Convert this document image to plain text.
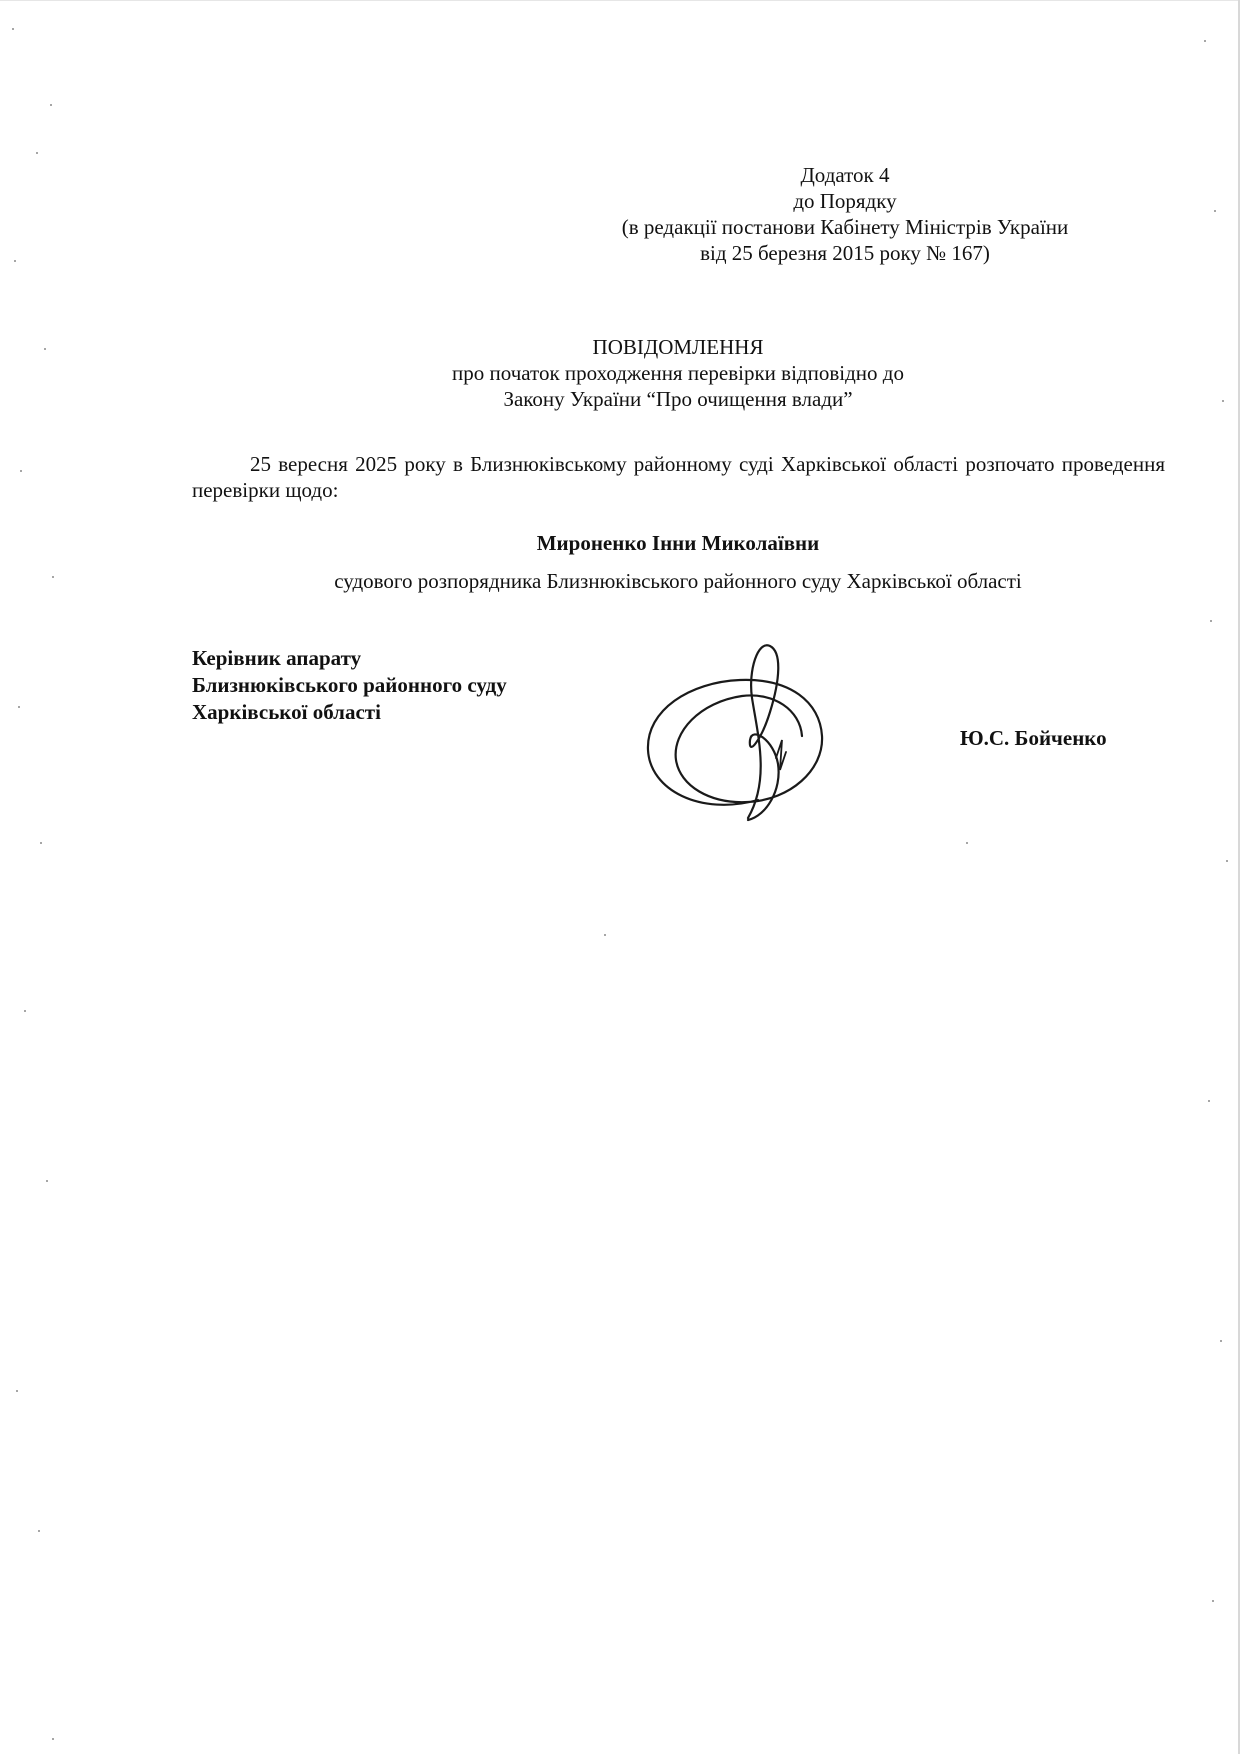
Додаток 4
до Порядку
(в редакції постанови Кабінету Міністрів України
від 25 березня 2015 року № 167)
ПОВІДОМЛЕННЯ
про початок проходження перевірки відповідно до
Закону України “Про очищення влади”
25 вересня 2025 року в Близнюківському районному суді Харківської області розпочато проведення перевірки щодо:
Мироненко Інни Миколаївни
судового розпорядника Близнюківського районного суду Харківської області
Керівник апарату
Близнюківського районного суду
Харківської області
Ю.С. Бойченко
